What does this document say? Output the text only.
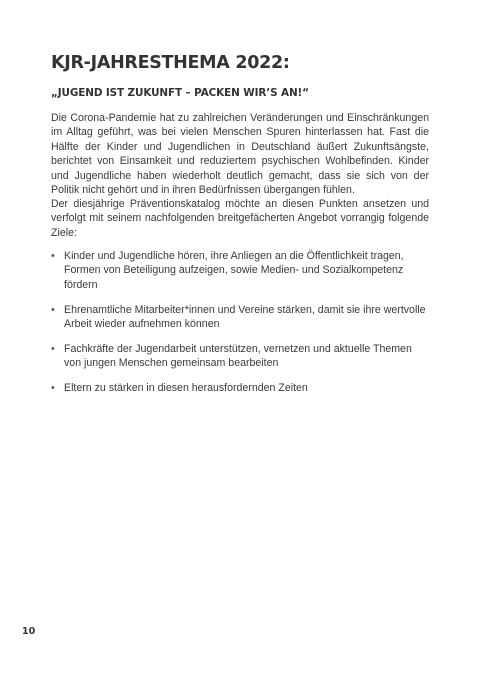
KJR-JAHRESTHEMA 2022:
„JUGEND IST ZUKUNFT – PACKEN WIR’S AN!“

Die Corona-Pandemie hat zu zahlreichen Veränderungen und Einschränkungen im Alltag geführt, was bei vielen Menschen Spuren hinterlassen hat. Fast die Hälfte der Kinder und Jugendlichen in Deutschland äußert Zukunftsängste, berichtet von Einsamkeit und reduziertem psychischen Wohlbefinden. Kinder und Jugendliche haben wiederholt deutlich gemacht, dass sie sich von der Politik nicht gehört und in ihren Bedürfnissen übergangen fühlen.

Der diesjährige Präventionskatalog möchte an diesen Punkten ansetzen und verfolgt mit seinem nachfolgenden breitgefächerten Angebot vorrangig folgende Ziele:

• Kinder und Jugendliche hören, ihre Anliegen an die Öffentlichkeit tragen, Formen von Beteiligung aufzeigen, sowie Medien- und Sozialkompetenz fördern
• Ehrenamtliche Mitarbeiter*innen und Vereine stärken, damit sie ihre wertvolle Arbeit wieder aufnehmen können
• Fachkräfte der Jugendarbeit unterstützen, vernetzen und aktuelle Themen von jungen Menschen gemeinsam bearbeiten
• Eltern zu stärken in diesen herausfordernden Zeiten
10
